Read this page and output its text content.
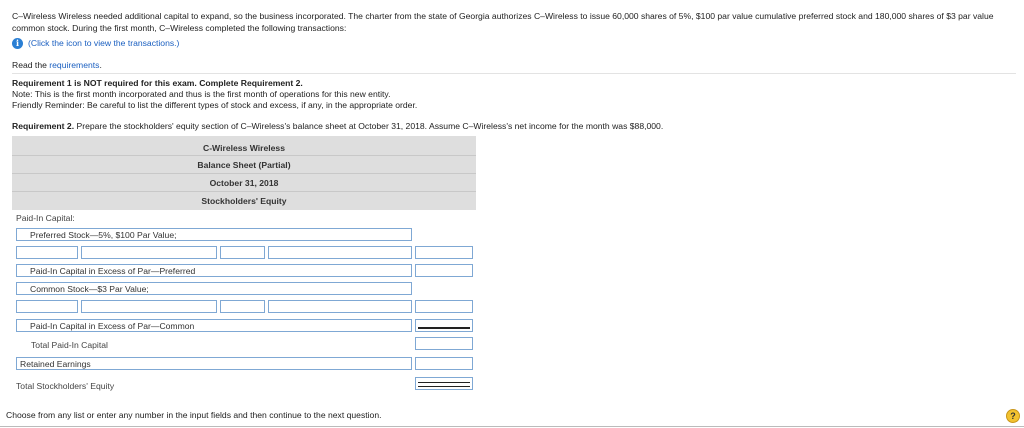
C–Wireless Wireless needed additional capital to expand, so the business incorporated. The charter from the state of Georgia authorizes C–Wireless to issue 60,000 shares of 5%, $100 par value cumulative preferred stock and 180,000 shares of $3 par value common stock. During the first month, C–Wireless completed the following transactions:
i	(Click the icon to view the transactions.)
Read the requirements.
Requirement 1 is NOT required for this exam. Complete Requirement 2.
Note: This is the first month incorporated and thus is the first month of operations for this new entity.
Friendly Reminder: Be careful to list the different types of stock and excess, if any, in the appropriate order.
Requirement 2. Prepare the stockholders' equity section of C–Wireless's balance sheet at October 31, 2018. Assume C–Wireless's net income for the month was $88,000.
C-Wireless Wireless
Balance Sheet (Partial)
October 31, 2018
Stockholders' Equity
Paid-In Capital:
Preferred Stock—5%, $100 Par Value;
Paid-In Capital in Excess of Par—Preferred
Common Stock—$3 Par Value;
Paid-In Capital in Excess of Par—Common
Total Paid-In Capital
Retained Earnings
Total Stockholders' Equity
Choose from any list or enter any number in the input fields and then continue to the next question.	?
